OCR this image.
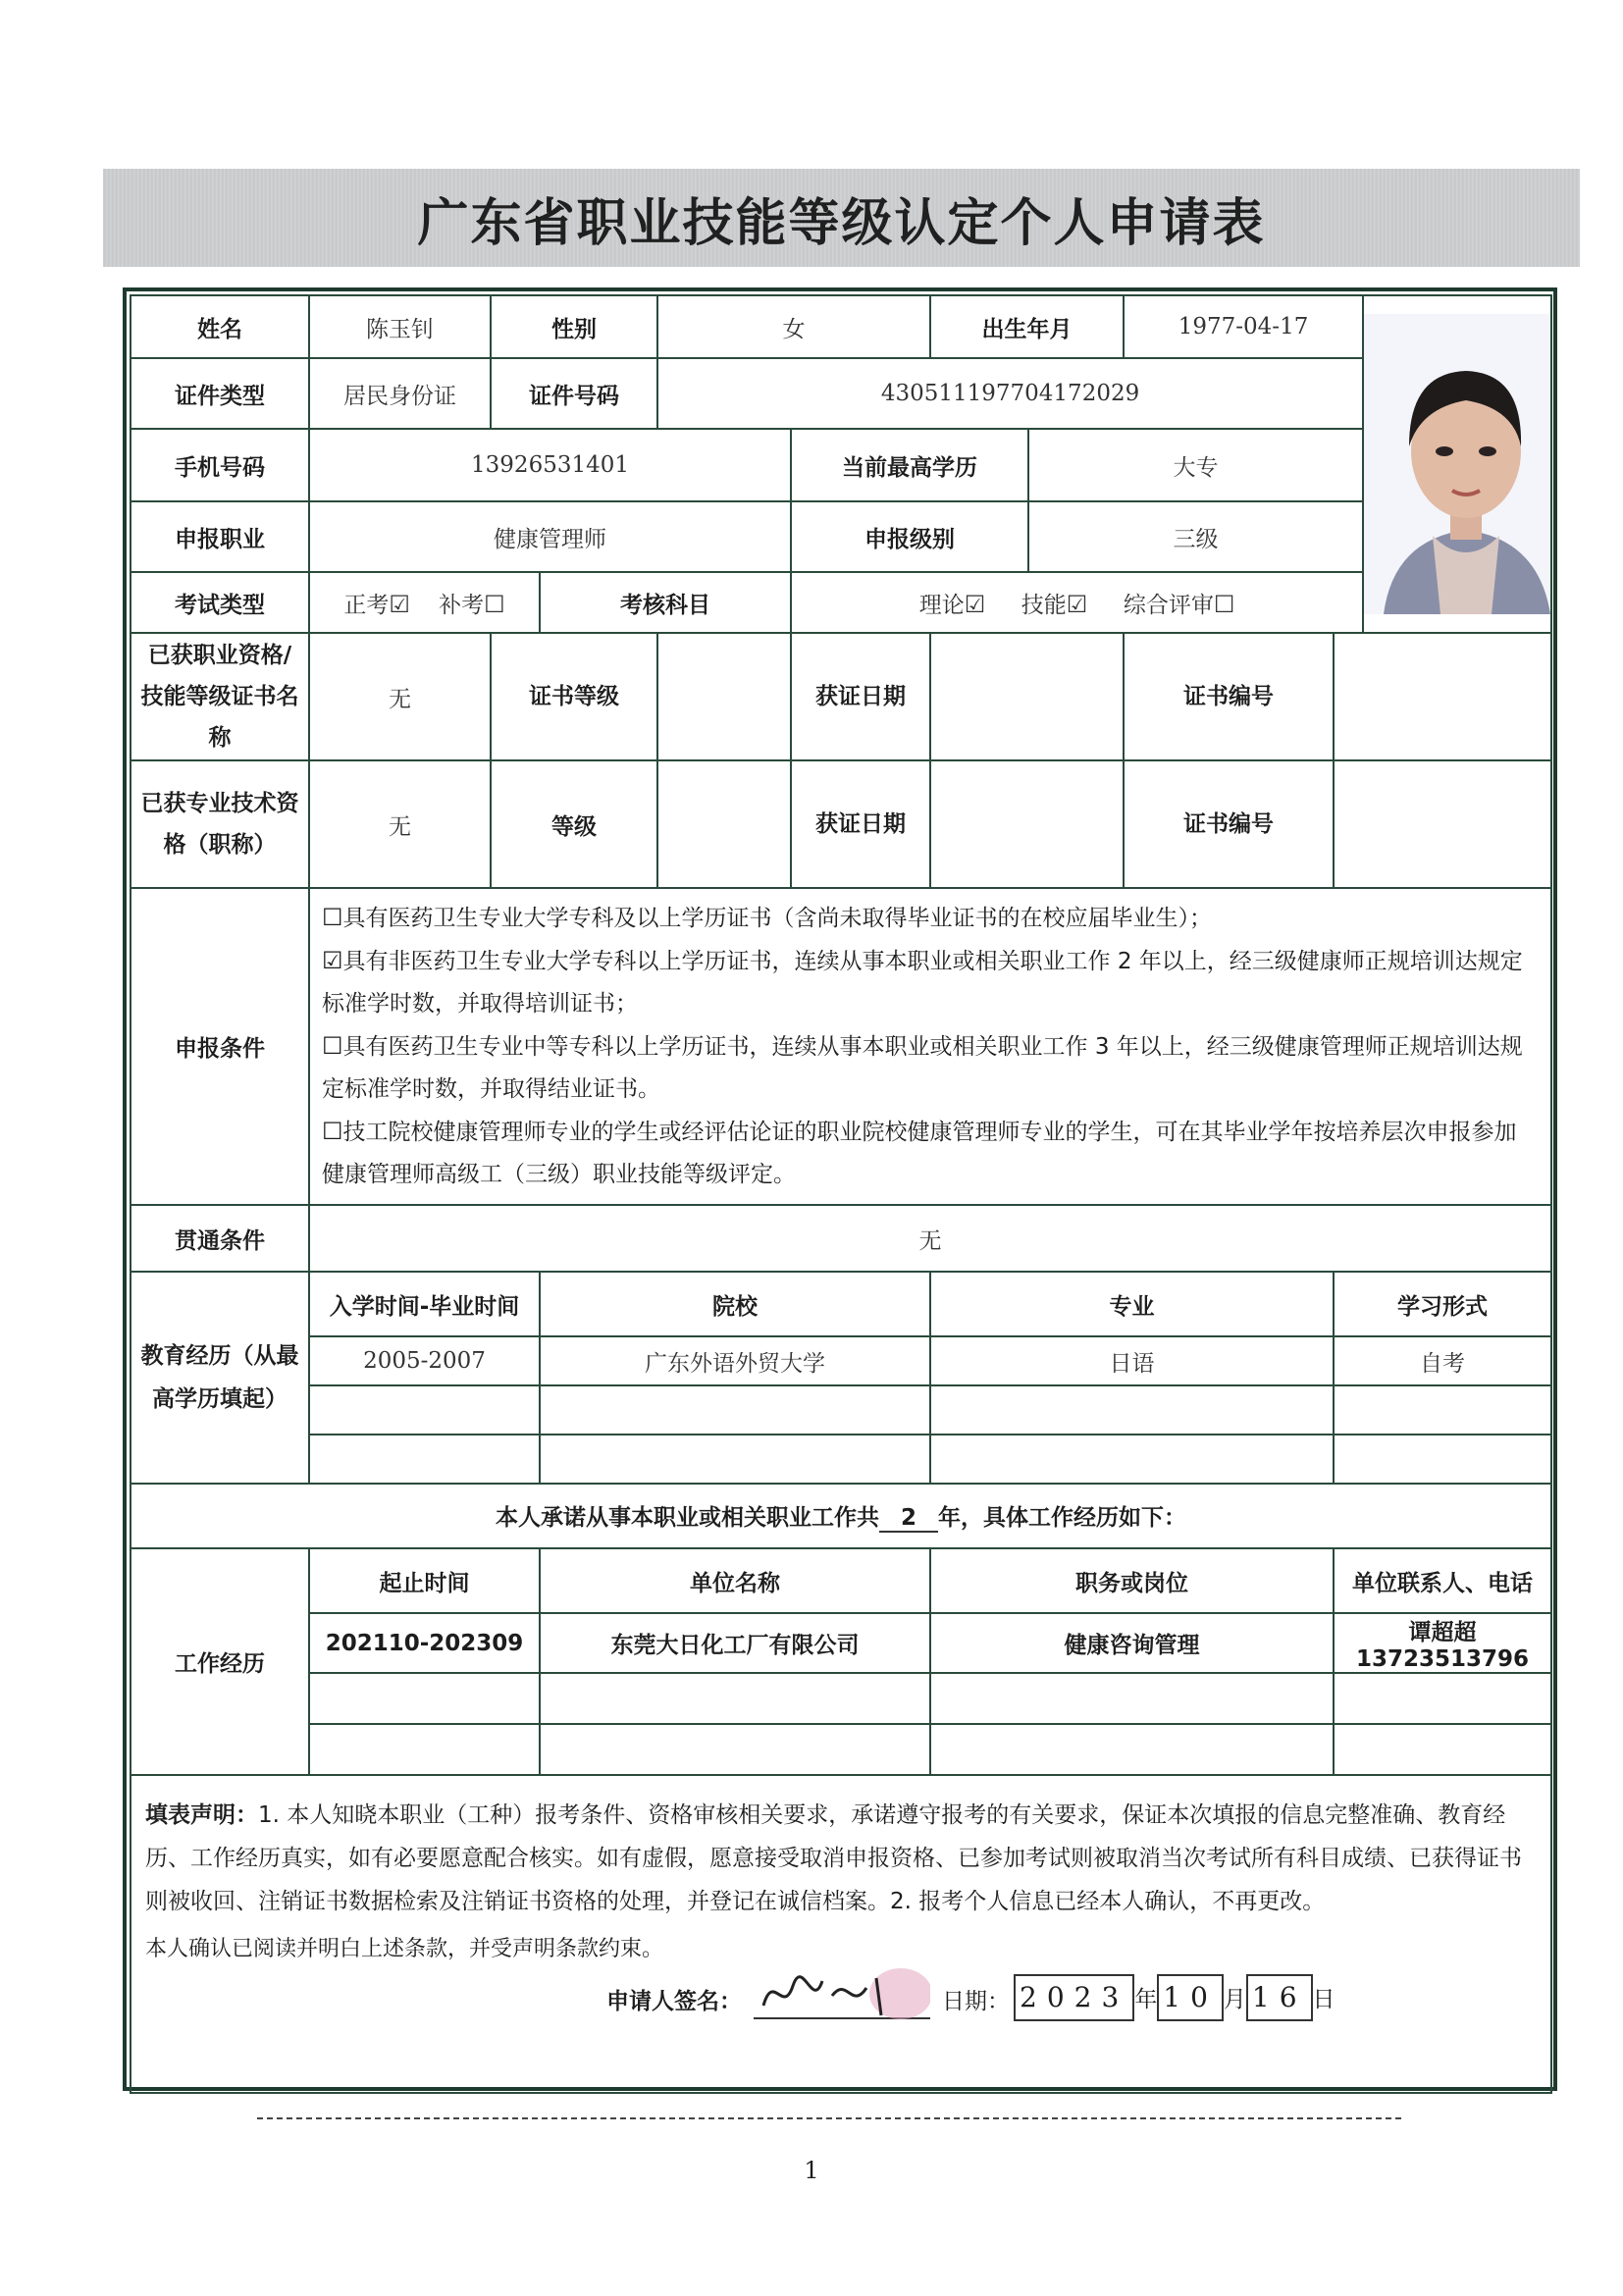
广东省职业技能等级认定个人申请表
姓名	陈玉钊	性别		女		出生年月		1977-04-17	

证件类型	居民身份证	证件号码		430511197704172029						
手机号码	13926531401				当前最高学历		大专			
申报职业	健康管理师				申报级别		三级			
考试类型	正考☑ 补考☐		考核科目		理论☑ 技能☑ 综合评审☐					
已获职业资格/技能等级证书名称	无	证书等级			获证日期			证书编号		
已获专业技术资格（职称）	无	等级			获证日期			证书编号		
申报条件	☐具有医药卫生专业大学专科及以上学历证书（含尚未取得毕业证书的在校应届毕业生）；
☑具有非医药卫生专业大学专科以上学历证书，连续从事本职业或相关职业工作 2 年以上，经三级健康师正规培训达规定标准学时数，并取得培训证书；
☐具有医药卫生专业中等专科以上学历证书，连续从事本职业或相关职业工作 3 年以上，经三级健康管理师正规培训达规定标准学时数，并取得结业证书。
☐技工院校健康管理师专业的学生或经评估论证的职业院校健康管理师专业的学生，可在其毕业学年按培养层次申报参加健康管理师高级工（三级）职业技能等级评定。									

贯通条件	无									
教育经历（从最高学历填起）	入学时间-毕业时间		院校			专业			学习形式	
	2005-2007		广东外语外贸大学			日语			自考	

本人承诺从事本职业或相关职业工作共 2 年，具体工作经历如下：										
工作经历	起止时间		单位名称			职务或岗位			单位联系人、电话	
	202110-202309		东莞大日化工厂有限公司			健康咨询管理			谭超超 13723513796	

填表声明：1. 本人知晓本职业（工种）报考条件、资格审核相关要求，承诺遵守报考的有关要求，保证本次填报的信息完整准确、教育经历、工作经历真实，如有必要愿意配合核实。如有虚假，愿意接受取消申报资格、已参加考试则被取消当次考试所有科目成绩、已获得证书则被收回、注销证书数据检索及注销证书资格的处理，并登记在诚信档案。2. 报考个人信息已经本人确认，不再更改。
本人确认已阅读并明白上述条款，并受声明条款约束。
申请人签名： 日期： 2023 年 10 月 16 日										
1
